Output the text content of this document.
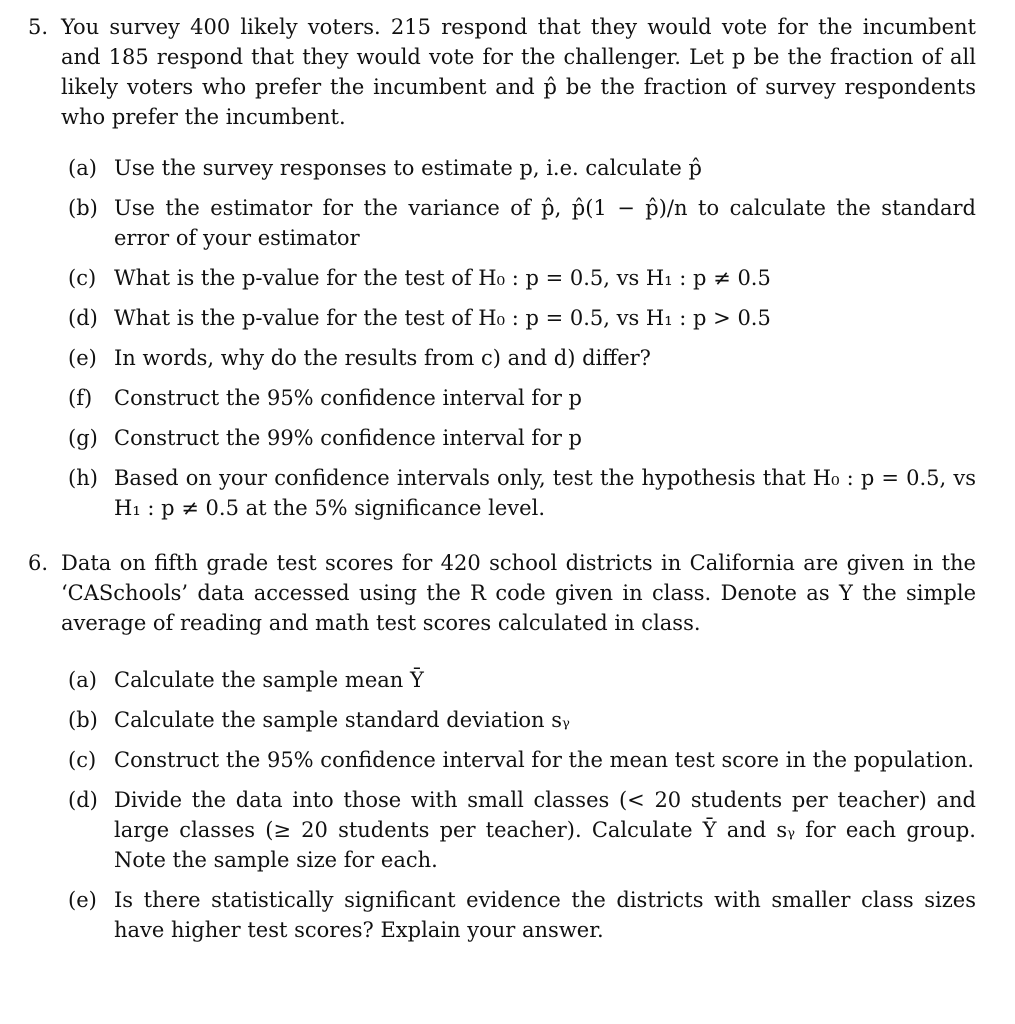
5. You survey 400 likely voters. 215 respond that they would vote for the incumbent and 185 respond that they would vote for the challenger. Let p be the fraction of all likely voters who prefer the incumbent and p̂ be the fraction of survey respondents who prefer the incumbent.
(a) Use the survey responses to estimate p, i.e. calculate p̂
(b) Use the estimator for the variance of p̂, p̂(1 − p̂)/n to calculate the standard error of your estimator
(c) What is the p-value for the test of H₀ : p = 0.5, vs H₁ : p ≠ 0.5
(d) What is the p-value for the test of H₀ : p = 0.5, vs H₁ : p > 0.5
(e) In words, why do the results from c) and d) differ?
(f) Construct the 95% confidence interval for p
(g) Construct the 99% confidence interval for p
(h) Based on your confidence intervals only, test the hypothesis that H₀ : p = 0.5, vs H₁ : p ≠ 0.5 at the 5% significance level.
6. Data on fifth grade test scores for 420 school districts in California are given in the ‘CASchools’ data accessed using the R code given in class. Denote as Y the simple average of reading and math test scores calculated in class.
(a) Calculate the sample mean Ȳ
(b) Calculate the sample standard deviation sᵧ
(c) Construct the 95% confidence interval for the mean test score in the population.
(d) Divide the data into those with small classes (< 20 students per teacher) and large classes (≥ 20 students per teacher). Calculate Ȳ and sᵧ for each group. Note the sample size for each.
(e) Is there statistically significant evidence the districts with smaller class sizes have higher test scores? Explain your answer.
